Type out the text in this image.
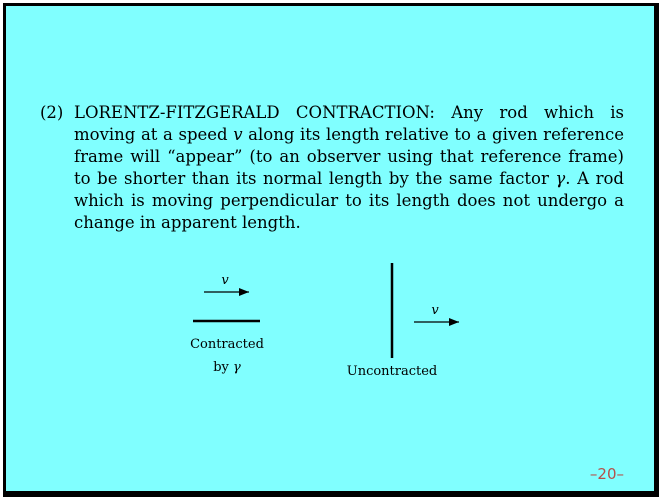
(2) LORENTZ-FITZGERALD CONTRACTION: Any rod which is moving at a speed v along its length relative to a given reference frame will “appear” (to an observer using that reference frame) to be shorter than its normal length by the same factor γ. A rod which is moving perpendicular to its length does not undergo a change in apparent length.
v
Contracted
by γ
v
Uncontracted
–20–
